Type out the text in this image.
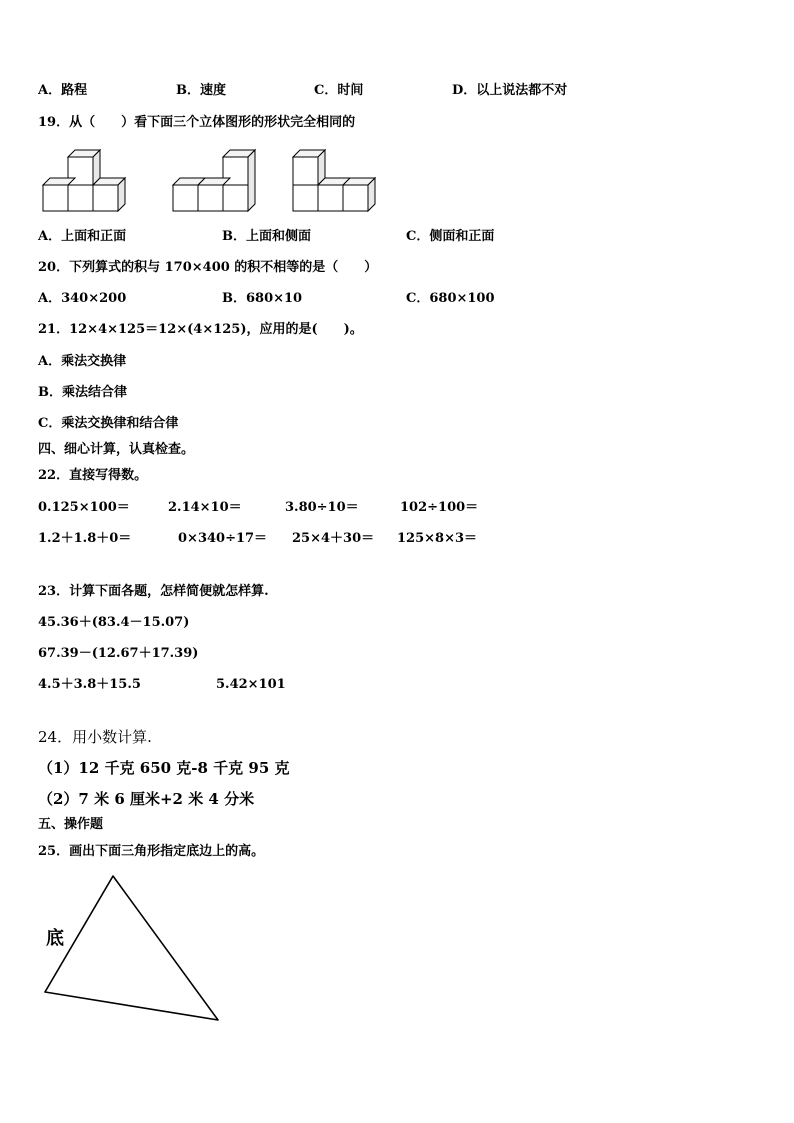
A．路程	B．速度	C．时间	D．以上说法都不对
19．从（　　）看下面三个立体图形的形状完全相同的
A．上面和正面	B．上面和侧面	C．侧面和正面
20．下列算式的积与 170×400 的积不相等的是（　　）
A．340×200	B．680×10	C．680×100
21．12×4×125＝12×(4×125)，应用的是(　　)。
A．乘法交换律
B．乘法结合律
C．乘法交换律和结合律
四、细心计算，认真检查。
22．直接写得数。
0.125×100＝	2.14×10＝	3.80÷10＝	102÷100＝
1.2＋1.8＋0＝	0×340÷17＝ 25×4＋30＝ 125×8×3＝
23．计算下面各题，怎样简便就怎样算.
45.36＋(83.4－15.07)
67.39－(12.67＋17.39)
4.5＋3.8＋15.5	5.42×101
24．用小数计算.
（1）12 千克 650 克-8 千克 95 克
（2）7 米 6 厘米+2 米 4 分米
五、操作题
25．画出下面三角形指定底边上的高。
底
